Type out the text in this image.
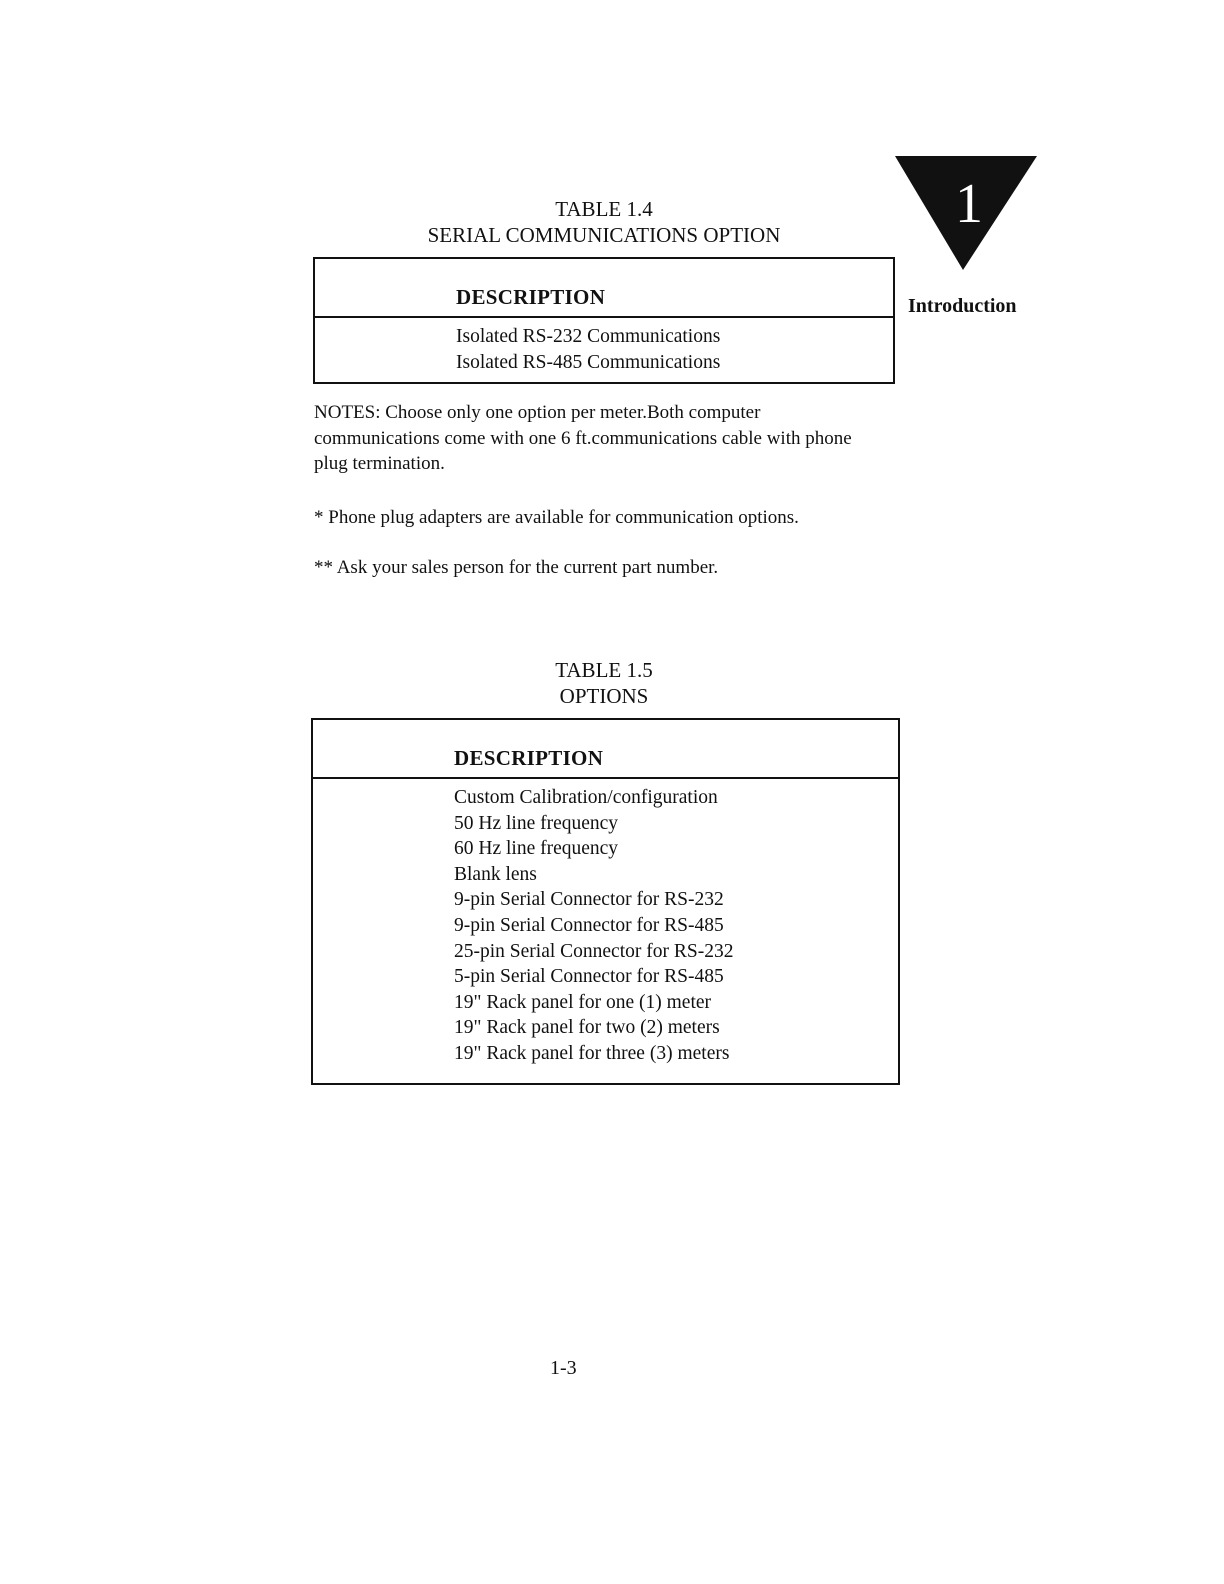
1
Introduction
TABLE 1.4
SERIAL COMMUNICATIONS OPTION
DESCRIPTION
Isolated RS-232 Communications
Isolated RS-485 Communications
NOTES: Choose only one option per meter.Both computer communications come with one 6 ft.communications cable with phone plug termination.
* Phone plug adapters are available for communication options.
** Ask your sales person for the current part number.
TABLE 1.5
OPTIONS
DESCRIPTION
Custom Calibration/configuration
50 Hz line frequency
60 Hz line frequency
Blank lens
9-pin Serial Connector for RS-232
9-pin Serial Connector for RS-485
25-pin Serial Connector for RS-232
5-pin Serial Connector for RS-485
19" Rack panel for one (1) meter
19" Rack panel for two (2) meters
19" Rack panel for three (3) meters
1-3
